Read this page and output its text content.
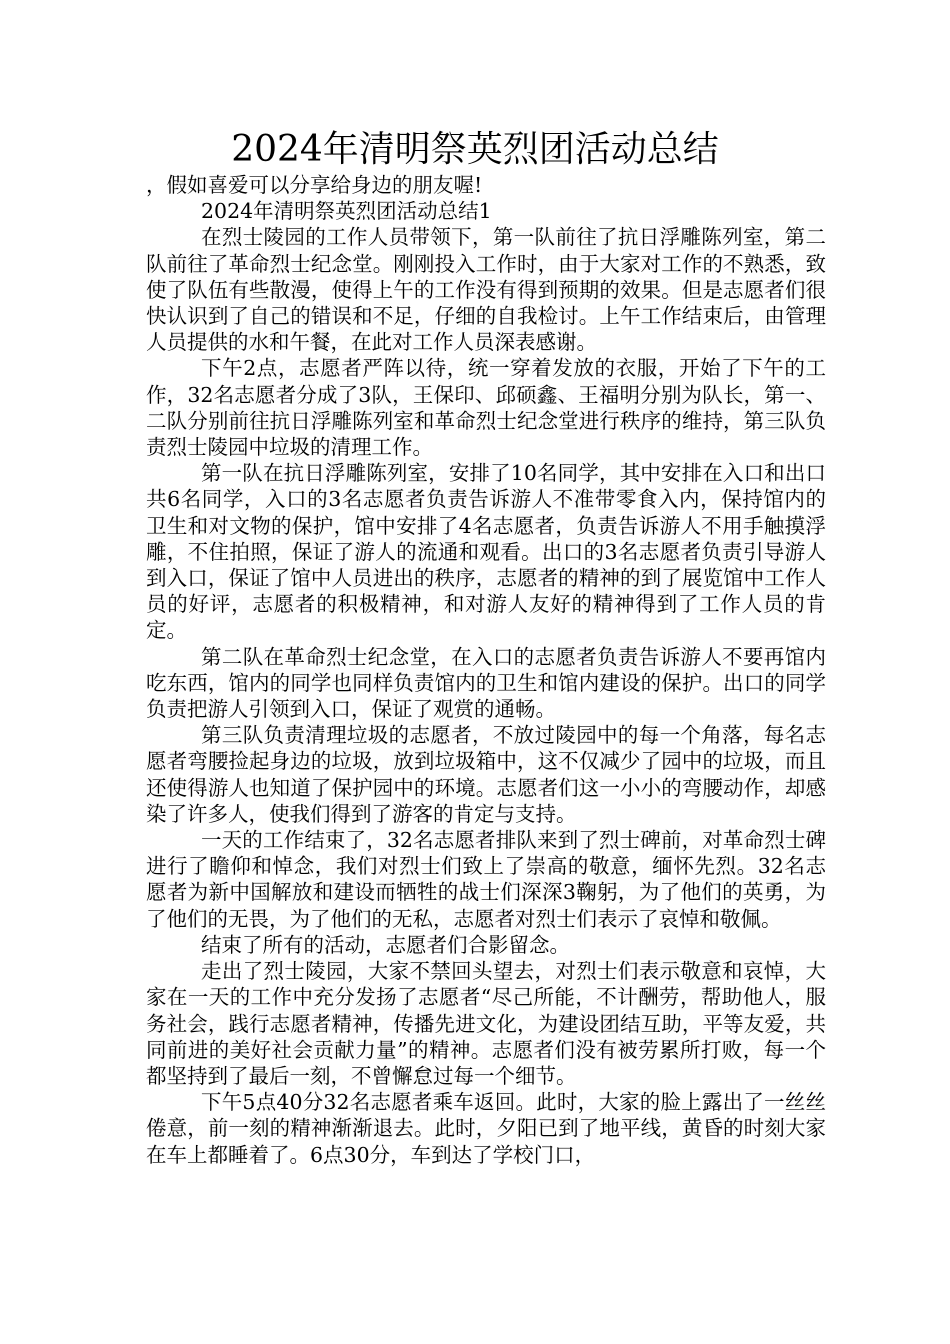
2024年清明祭英烈团活动总结

，假如喜爱可以分享给身边的朋友喔!

2024年清明祭英烈团活动总结1

在烈士陵园的工作人员带领下，第一队前往了抗日浮雕陈列室，第二队前往了革命烈士纪念堂。刚刚投入工作时，由于大家对工作的不熟悉，致使了队伍有些散漫，使得上午的工作没有得到预期的效果。但是志愿者们很快认识到了自己的错误和不足，仔细的自我检讨。上午工作结束后，由管理人员提供的水和午餐，在此对工作人员深表感谢。

下午2点，志愿者严阵以待，统一穿着发放的衣服，开始了下午的工作，32名志愿者分成了3队，王保印、邱硕鑫、王福明分别为队长，第一、二队分别前往抗日浮雕陈列室和革命烈士纪念堂进行秩序的维持，第三队负责烈士陵园中垃圾的清理工作。

第一队在抗日浮雕陈列室，安排了10名同学，其中安排在入口和出口共6名同学，入口的3名志愿者负责告诉游人不准带零食入内，保持馆内的卫生和对文物的保护，馆中安排了4名志愿者，负责告诉游人不用手触摸浮雕，不住拍照，保证了游人的流通和观看。出口的3名志愿者负责引导游人到入口，保证了馆中人员进出的秩序，志愿者的精神的到了展览馆中工作人员的好评，志愿者的积极精神，和对游人友好的精神得到了工作人员的肯定。

第二队在革命烈士纪念堂，在入口的志愿者负责告诉游人不要再馆内吃东西，馆内的同学也同样负责馆内的卫生和馆内建设的保护。出口的同学负责把游人引领到入口，保证了观赏的通畅。

第三队负责清理垃圾的志愿者，不放过陵园中的每一个角落，每名志愿者弯腰捡起身边的垃圾，放到垃圾箱中，这不仅减少了园中的垃圾，而且还使得游人也知道了保护园中的环境。志愿者们这一小小的弯腰动作，却感染了许多人，使我们得到了游客的肯定与支持。

一天的工作结束了，32名志愿者排队来到了烈士碑前，对革命烈士碑进行了瞻仰和悼念，我们对烈士们致上了崇高的敬意，缅怀先烈。32名志愿者为新中国解放和建设而牺牲的战士们深深3鞠躬，为了他们的英勇，为了他们的无畏，为了他们的无私，志愿者对烈士们表示了哀悼和敬佩。

结束了所有的活动，志愿者们合影留念。

走出了烈士陵园，大家不禁回头望去，对烈士们表示敬意和哀悼，大家在一天的工作中充分发扬了志愿者“尽己所能，不计酬劳，帮助他人，服务社会，践行志愿者精神，传播先进文化，为建设团结互助，平等友爱，共同前进的美好社会贡献力量”的精神。志愿者们没有被劳累所打败，每一个都坚持到了最后一刻，不曾懈怠过每一个细节。

下午5点40分32名志愿者乘车返回。此时，大家的脸上露出了一丝丝倦意，前一刻的精神渐渐退去。此时，夕阳已到了地平线，黄昏的时刻大家在车上都睡着了。6点30分，车到达了学校门口，
